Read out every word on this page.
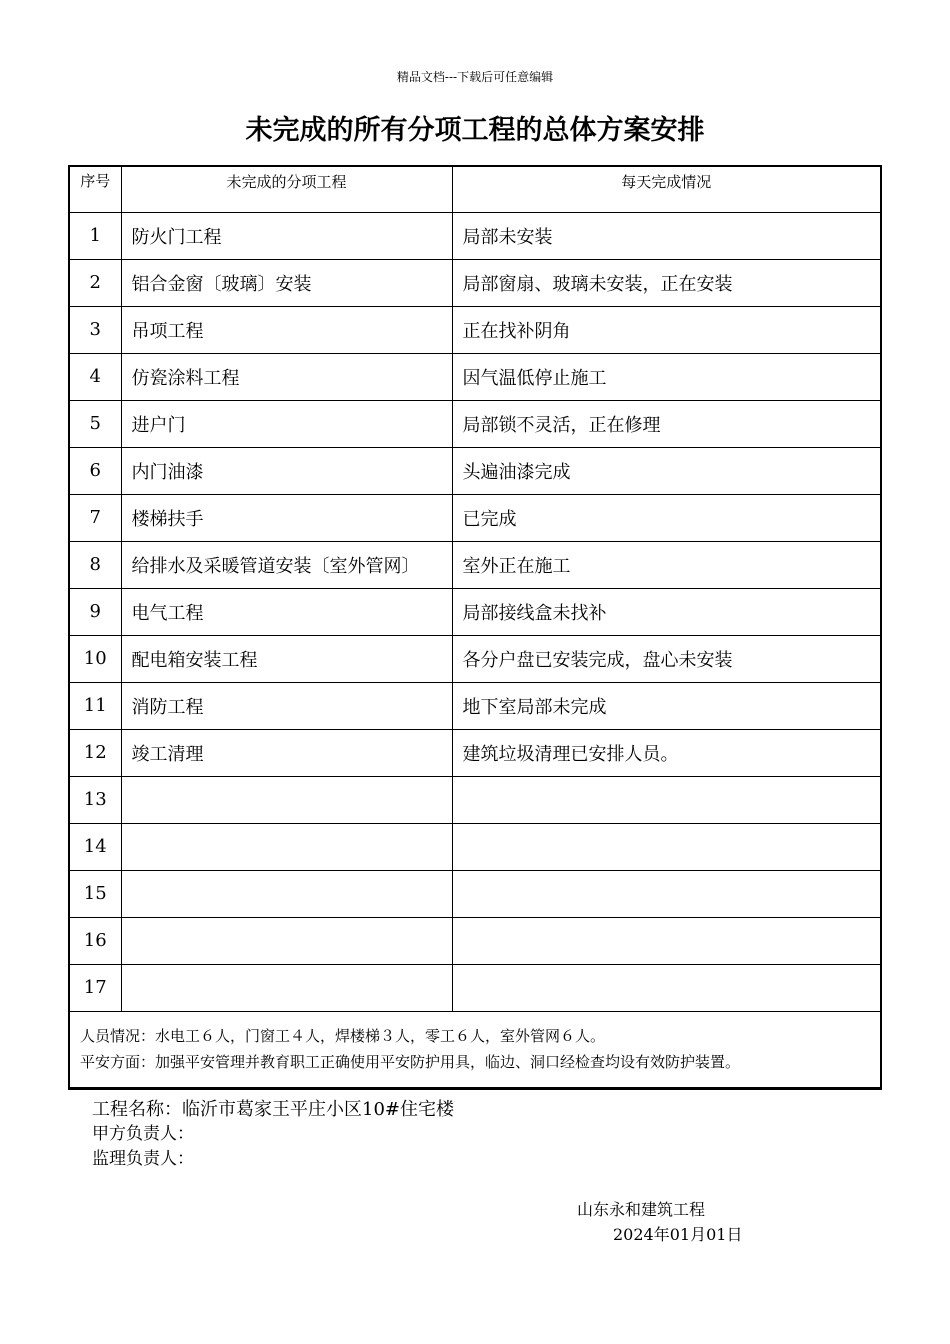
精品文档---下载后可任意编辑
未完成的所有分项工程的总体方案安排
序号	未完成的分项工程	每天完成情况
1	防火门工程	局部未安装
2	铝合金窗〔玻璃〕安装	局部窗扇、玻璃未安装，正在安装
3	吊项工程	正在找补阴角
4	仿瓷涂料工程	因气温低停止施工
5	进户门	局部锁不灵活，正在修理
6	内门油漆	头遍油漆完成
7	楼梯扶手	已完成
8	给排水及采暖管道安装〔室外管网〕	室外正在施工
9	电气工程	局部接线盒未找补
10	配电箱安装工程	各分户盘已安装完成，盘心未安装
11	消防工程	地下室局部未完成
12	竣工清理	建筑垃圾清理已安排人员。
13		
14		
15		
16		
17		

人员情况：水电工６人，门窗工４人，焊楼梯３人，零工６人，室外管网６人。
平安方面：加强平安管理并教育职工正确使用平安防护用具，临边、洞口经检查均设有效防护装置。		
工程名称：临沂市葛家王平庄小区10#住宅楼
甲方负责人：
监理负责人：
山东永和建筑工程
2024年01月01日
